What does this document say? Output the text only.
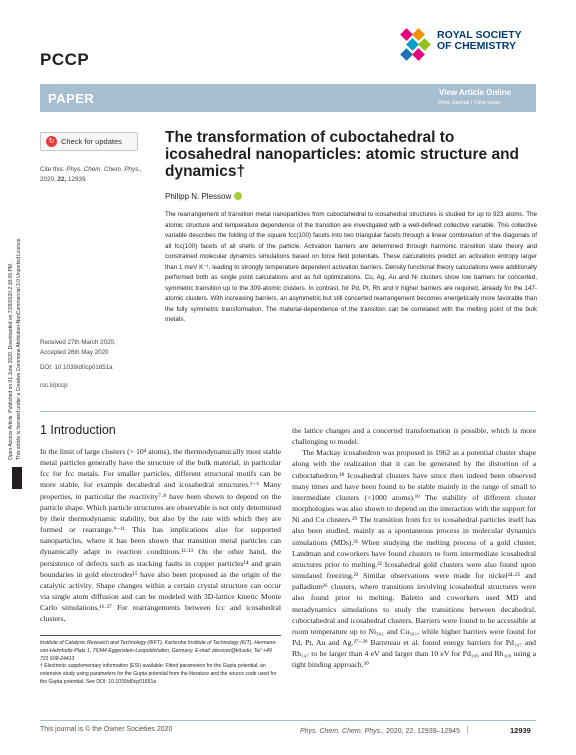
PCCP
ROYAL SOCIETY
OF CHEMISTRY
PAPER	View Article Online
View Journal | View Issue
Open Access Article. Published on 01 June 2020. Downloaded on 7/28/2020 2:18:09 PM. This article is licensed under a Creative Commons Attribution-NonCommercial 3.0 Unported Licence.
BY NC
↻ Check for updates
Cite this: Phys. Chem. Chem. Phys.,
2020, 22, 12939
The transformation of cuboctahedral to icosahedral nanoparticles: atomic structure and dynamics†
Philipp N. Plessow
The rearrangement of transition metal nanoparticles from cuboctahedral to icosahedral structures is studied for up to 923 atoms. The atomic structure and temperature dependence of the transition are investigated with a well-defined collective variable. This collective variable describes the folding of the square fcc(100) facets into two triangular facets through a linear combination of the diagonals of all fcc(100) facets of all shells of the particle. Activation barriers are determined through harmonic transition state theory and constrained molecular dynamics simulations based on force field potentials. These calculations predict an activation entropy larger than 1 meV K⁻¹, leading to strongly temperature dependent activation barriers. Density functional theory calculations were additionally performed both as single point calculations and as full optimizations. Cu, Ag, Au and Ni clusters show low barriers for concerted, symmetric transition up to the 309-atomic clusters. In contrast, for Pd, Pt, Rh and Ir higher barriers are required, already for the 147-atomic clusters. With increasing barriers, an asymmetric but still concerted rearrangement becomes energetically more favorable than the fully symmetric transformation. The material-dependence of the transition can be correlated with the melting point of the bulk metals.
Received 27th March 2020,
Accepted 26th May 2020
DOI: 10.1039/d0cp01651a
rsc.li/pccp
1 Introduction

In the limit of large clusters (> 10⁴ atoms), the thermodynamically most stable metal particles generally have the structure of the bulk material, in particular fcc for fcc metals. For smaller particles, different structural motifs can be more stable, for example decahedral and icosahedral structures.¹⁻⁶ Many properties, in particular the reactivity⁷·⁸ have been shown to depend on the particle shape. Which particle structures are observable is not only determined by their thermodynamic stability, but also by the rate with which they are formed or rearrange.⁹⁻¹¹ This has implications also for supported nanoparticles, where it has been shown that transition metal particles can dynamically adapt to reaction conditions.¹²·¹³ On the other hand, the persistence of defects such as stacking faults in copper particles¹⁴ and grain boundaries in gold electrodes¹⁵ have also been proposed as the origin of the catalytic activity. Shape changes within a certain crystal structure can occur via single atom diffusion and can be modeled with 3D-lattice kinetic Monte Carlo simulations.¹⁶·¹⁷ For rearrangements between fcc and icosahedral clusters,

the lattice changes and a concerted transformation is possible, which is more challenging to model.

The Mackay icosahedron was proposed in 1962 as a potential cluster shape along with the realization that it can be generated by the distortion of a cuboctahedron.¹⁸ Icosahedral clusters have since then indeed been observed many times and have been found to be stable mainly in the range of small to intermediate clusters (<1000 atoms).¹⁹ The stability of different cluster morphologies was also shown to depend on the interaction with the support for Ni and Cu clusters.²⁰ The transition from fcc to icosahedral particles itself has also been studied, mainly as a spontaneous process in molecular dynamics simulations (MDs).²¹ When studying the melting process of a gold cluster, Landman and coworkers have found clusters to form intermediate icosahedral structures prior to melting.²² Icosahedral gold clusters were also found upon simulated freezing.²³ Similar observations were made for nickel²⁴·²⁵ and palladium²⁶ clusters, where transitions involving icosahedral structures were also found prior to melting. Baletto and coworkers used MD and metadynamics simulations to study the transitions between decahedral, cuboctahedral and icosahedral clusters. Barriers were found to be accessible at room temperature up to Ni₅₆₁ and Cu₅₆₁, while higher barriers were found for Pd, Pt, Au and Ag.²⁷⁻²⁹ Barreteau et al. found energy barriers for Pd₁₄₇ and Rh₁₄₇ to be larger than 4 eV and larger than 10 eV for Pd₃₀₉ and Rh₃₀₉ using a tight binding approach.³⁰

Institute of Catalysis Research and Technology (IKFT), Karlsruhe Institute of Technology (KIT), Hermann-von-Helmholtz-Platz 1, 76344 Eggenstein-Leopoldshafen, Germany. E-mail: plessow@kit.edu; Tel: +49 721 608-24413
† Electronic supplementary information (ESI) available: Fitted parameters for the Gupta potential, an extensive study using parameters for the Gupta potential from the literature and the source code used for the Gupta potential. See DOI: 10.1039/d0cp01651a
This journal is © the Owner Societies 2020	Phys. Chem. Chem. Phys., 2020, 22, 12939–12945	12939
